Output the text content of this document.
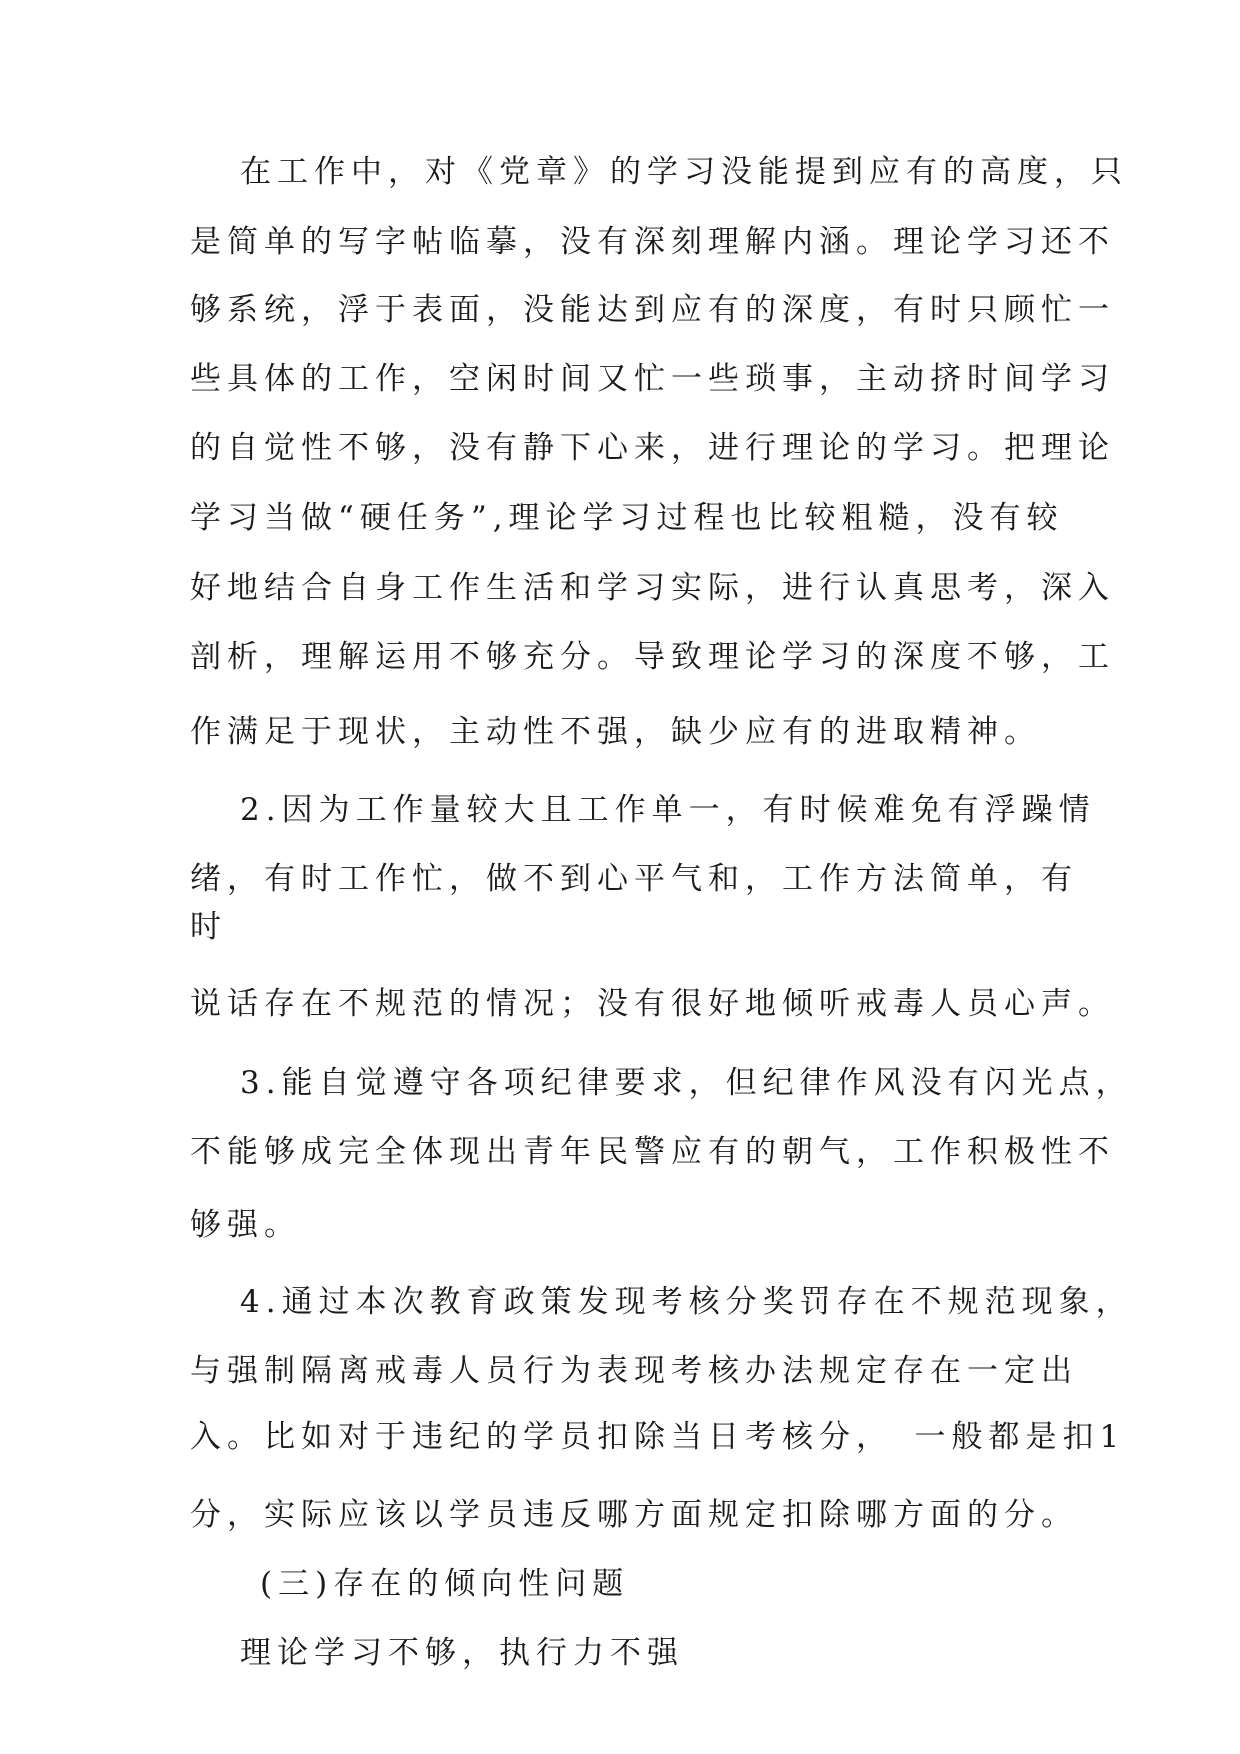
在工作中，对《党章》的学习没能提到应有的高度，只
是简单的写字帖临摹，没有深刻理解内涵。理论学习还不
够系统，浮于表面，没能达到应有的深度，有时只顾忙一
些具体的工作，空闲时间又忙一些琐事，主动挤时间学习
的自觉性不够，没有静下心来，进行理论的学习。把理论
学习当做“硬任务”,理论学习过程也比较粗糙，没有较
好地结合自身工作生活和学习实际，进行认真思考，深入
剖析，理解运用不够充分。导致理论学习的深度不够，工
作满足于现状，主动性不强，缺少应有的进取精神。
2.因为工作量较大且工作单一，有时候难免有浮躁情
绪，有时工作忙，做不到心平气和，工作方法简单，有
时
说话存在不规范的情况；没有很好地倾听戒毒人员心声。
3.能自觉遵守各项纪律要求，但纪律作风没有闪光点，
不能够成完全体现出青年民警应有的朝气，工作积极性不
够强。
4.通过本次教育政策发现考核分奖罚存在不规范现象，
与强制隔离戒毒人员行为表现考核办法规定存在一定出
入。比如对于违纪的学员扣除当日考核分，　一般都是扣1
分，实际应该以学员违反哪方面规定扣除哪方面的分。
(三)存在的倾向性问题
理论学习不够，执行力不强
